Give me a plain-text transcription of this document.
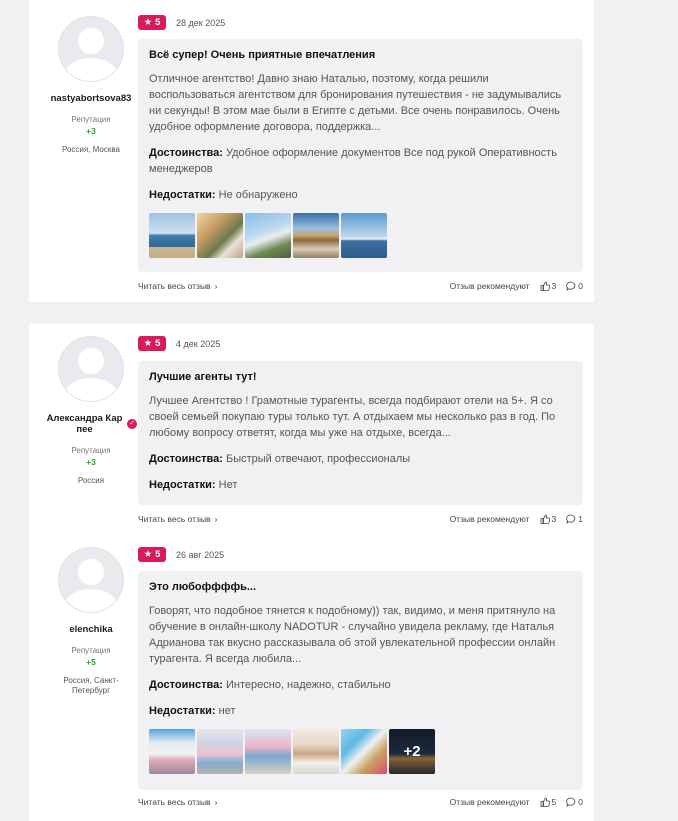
nastyabortsova83
Репутация
+3
Россия, Москва
★ 5 28 дек 2025
Всё супер! Очень приятные впечатления
Отличное агентство! Давно знаю Наталью, поэтому, когда решили воспользоваться агентством для бронирования путешествия - не задумывались ни секунды! В этом мае были в Египте с детьми. Все очень понравилось. Очень удобное оформление договора, поддержка...
Достоинства: Удобное оформление документов Все под рукой Оперативность менеджеров
Недостатки: Не обнаружено
Читать весь отзыв ›	Отзыв рекомендуют	3	0
Александра Карпее
✓
Репутация
+3
Россия
★ 5 4 дек 2025
Лучшие агенты тут!
Лучшее Агентство ! Грамотные турагенты, всегда подбирают отели на 5+. Я со своей семьей покупаю туры только тут. А отдыхаем мы несколько раз в год. По любому вопросу ответят, когда мы уже на отдыхе, всегда...
Достоинства: Быстрый отвечают, профессионалы
Недостатки: Нет
Читать весь отзыв ›	Отзыв рекомендуют	3	1
elenchika
Репутация
+5
Россия, Санкт-Петербург
★ 5 26 авг 2025
Это любоффффь...
Говорят, что подобное тянется к подобному)) так, видимо, и меня притянуло на обучение в онлайн-школу NADOTUR - случайно увидела рекламу, где Наталья Адрианова так вкусно рассказывала об этой увлекательной профессии онлайн турагента. Я всегда любила...
Достоинства: Интересно, надежно, стабильно
Недостатки: нет
+2
Читать весь отзыв ›	Отзыв рекомендуют	5	0
